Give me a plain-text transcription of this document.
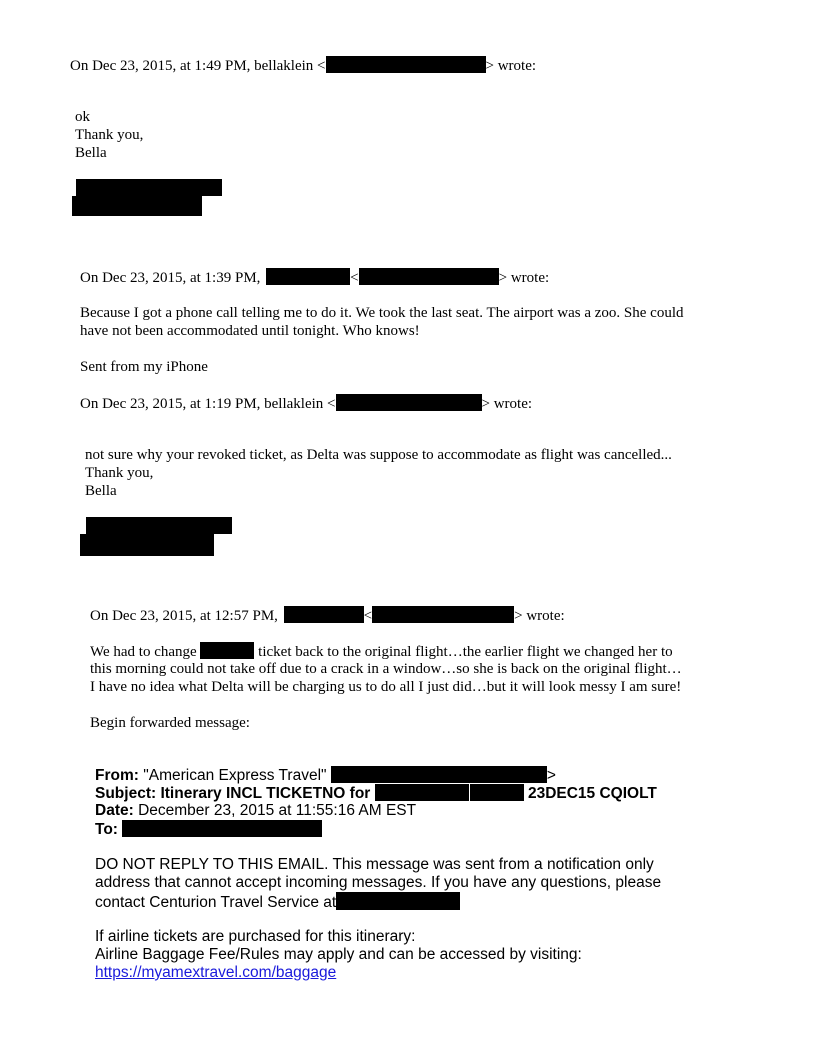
On Dec 23, 2015, at 1:49 PM, bellaklein <	> wrote:
ok
Thank you,
Bella
On Dec 23, 2015, at 1:39 PM,	<	> wrote:
Because I got a phone call telling me to do it. We took the last seat. The airport was a zoo. She could
have not been accommodated until tonight. Who knows!
Sent from my iPhone
On Dec 23, 2015, at 1:19 PM, bellaklein <	> wrote:
not sure why your revoked ticket, as Delta was suppose to accommodate as flight was cancelled...
Thank you,
Bella
On Dec 23, 2015, at 12:57 PM,	<	> wrote:
We had to change	ticket back to the original flight…the earlier flight we changed her to
this morning could not take off due to a crack in a window…so she is back on the original flight…
I have no idea what Delta will be charging us to do all I just did…but it will look messy I am sure!
Begin forwarded message:
From: "American Express Travel"	>
Subject: Itinerary INCL TICKETNO for	23DEC15 CQIOLT
Date: December 23, 2015 at 11:55:16 AM EST
To:
DO NOT REPLY TO THIS EMAIL. This message was sent from a notification only
address that cannot accept incoming messages. If you have any questions, please
contact Centurion Travel Service at
If airline tickets are purchased for this itinerary:
Airline Baggage Fee/Rules may apply and can be accessed by visiting:
https://myamextravel.com/baggage
